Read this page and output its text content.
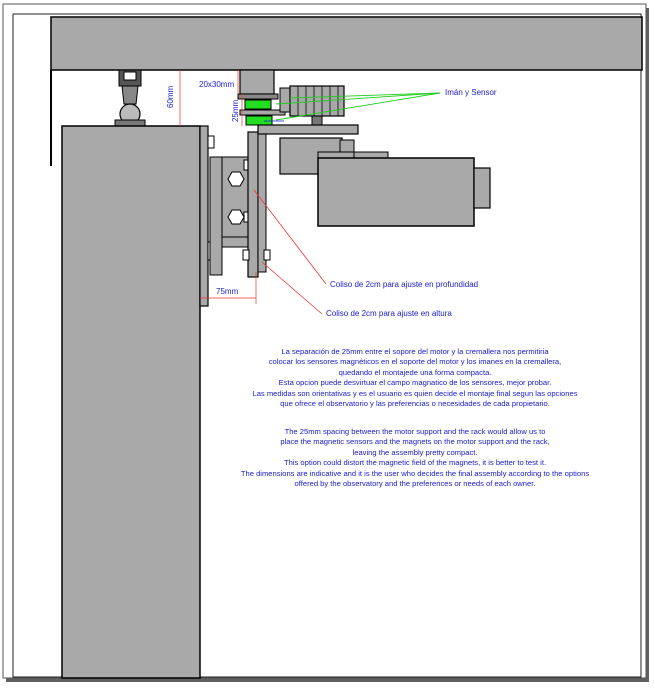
60mm
20x30mm
25mm
75mm
Imán y Sensor
Coliso de 2cm para ajuste en profundidad
Coliso de 2cm para ajuste en altura
La separación de 25mm entre el sopore del motor y la cremallera nos permitiria
colocar los sensores magnéticos en el soporte del motor y los imanes en la cremallera,
quedando el montajede una forma compacta.
Esta opcion puede desvirtuar el campo magnatico de los sensores, mejor probar.
Las medidas son orientativas y es el usuario es quien decide el montaje final segun las opciones
que ofrece el observatorio y las preferencias o necesidades de cada propietario.
The 25mm spacing between the motor support and the rack would allow us to
place the magnetic sensors and the magnets on the motor support and the rack,
leaving the assembly pretty compact.
This option could distort the magnetic field of the magnets, it is better to test it.
The dimensions are indicative and it is the user who decides the final assembly according to the options
offered by the observatory and the preferences or needs of each owner.
